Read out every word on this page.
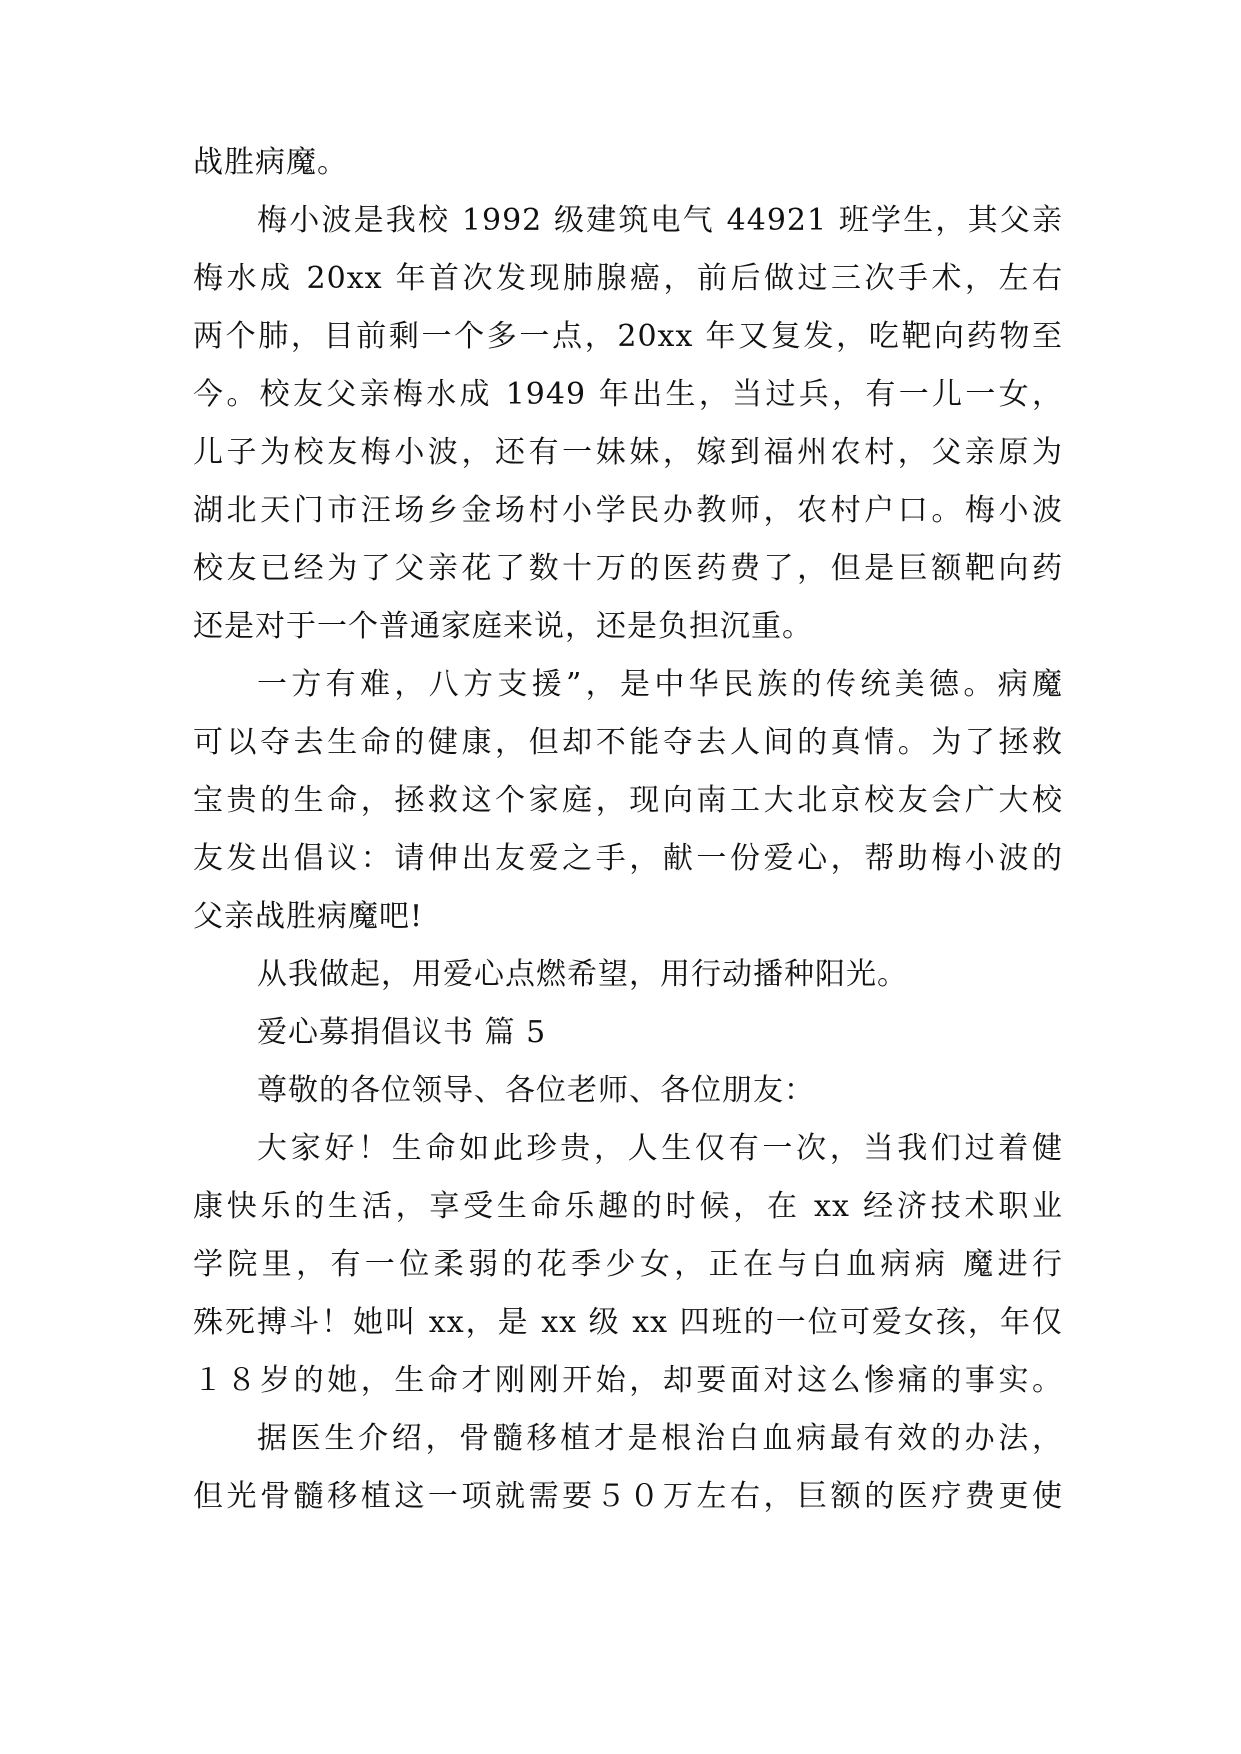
战胜病魔。
梅小波是我校 1992 级建筑电气 44921 班学生，其父亲
梅水成 20xx 年首次发现肺腺癌，前后做过三次手术，左右
两个肺，目前剩一个多一点，20xx 年又复发，吃靶向药物至
今。校友父亲梅水成 1949 年出生，当过兵，有一儿一女，
儿子为校友梅小波，还有一妹妹，嫁到福州农村，父亲原为
湖北天门市汪场乡金场村小学民办教师，农村户口。梅小波
校友已经为了父亲花了数十万的医药费了，但是巨额靶向药
还是对于一个普通家庭来说，还是负担沉重。
一方有难，八方支援”，是中华民族的传统美德。病魔
可以夺去生命的健康，但却不能夺去人间的真情。为了拯救
宝贵的生命，拯救这个家庭，现向南工大北京校友会广大校
友发出倡议：请伸出友爱之手，献一份爱心，帮助梅小波的
父亲战胜病魔吧!
从我做起，用爱心点燃希望，用行动播种阳光。
爱心募捐倡议书 篇 5
尊敬的各位领导、各位老师、各位朋友：
大家好！生命如此珍贵，人生仅有一次，当我们过着健
康快乐的生活，享受生命乐趣的时候，在 xx 经济技术职业
学院里，有一位柔弱的花季少女，正在与白血病病 魔进行
殊死搏斗！她叫 xx，是 xx 级 xx 四班的一位可爱女孩，年仅
１８岁的她，生命才刚刚开始，却要面对这么惨痛的事实。
据医生介绍，骨髓移植才是根治白血病最有效的办法，
但光骨髓移植这一项就需要５０万左右，巨额的医疗费更使
